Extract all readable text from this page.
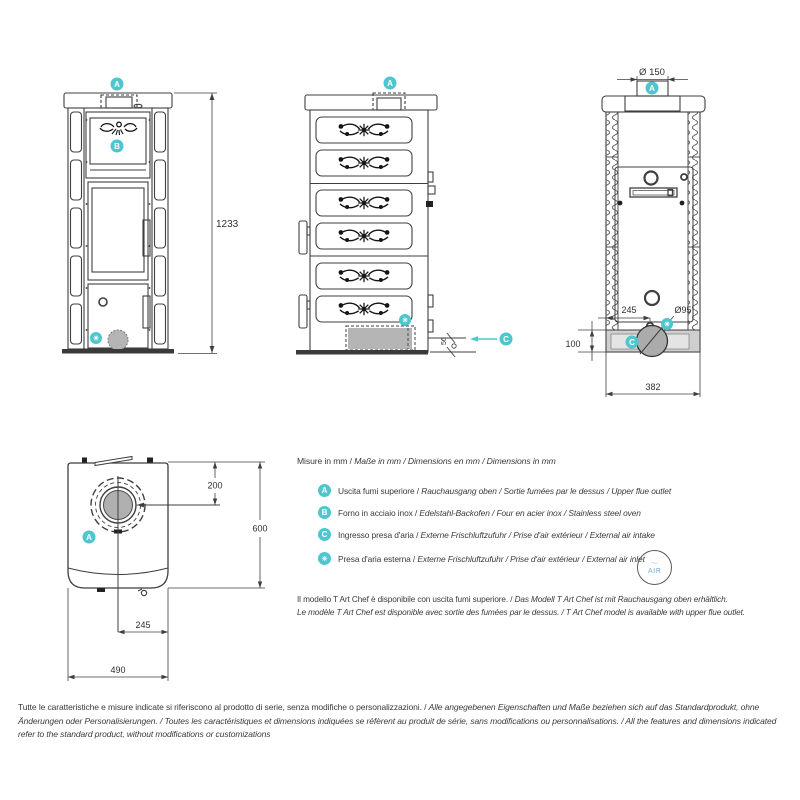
1233
A
B
✳	56
A
✳
C
Ø 150
245	Ø95
100
382
A
✳
C
200
600
245
490
A
Misure in mm / Maße in mm / Dimensions en mm / Dimensions in mm
A	Uscita fumi superiore / Rauchausgang oben / Sortie fumées par le dessus / Upper flue outlet
B	Forno in acciaio inox / Edelstahl-Backofen / Four en acier inox / Stainless steel oven
C	Ingresso presa d'aria / Externe Frischluftzufuhr / Prise d'air extérieur / External air intake
✳	Presa d'aria esterna / Externe Frischluftzufuhr / Prise d'air extérieur / External air inlet 〜
AIR
Il modello T Art Chef è disponibile con uscita fumi superiore. / Das Modell T Art Chef ist mit Rauchausgang oben erhältlich.
Le modèle T Art Chef est disponible avec sortie des fumées par le dessus. / T Art Chef model is available with upper flue outlet.
Tutte le caratteristiche e misure indicate si riferiscono al prodotto di serie, senza modifiche o personalizzazioni. / Alle angegebenen Eigenschaften und Maße beziehen sich auf das Standardprodukt, ohne Änderungen oder Personalisierungen. / Toutes les caractéristiques et dimensions indiquées se réfèrent au produit de série, sans modifications ou personnalisations. / All the features and dimensions indicated refer to the standard product, without modifications or customizations
